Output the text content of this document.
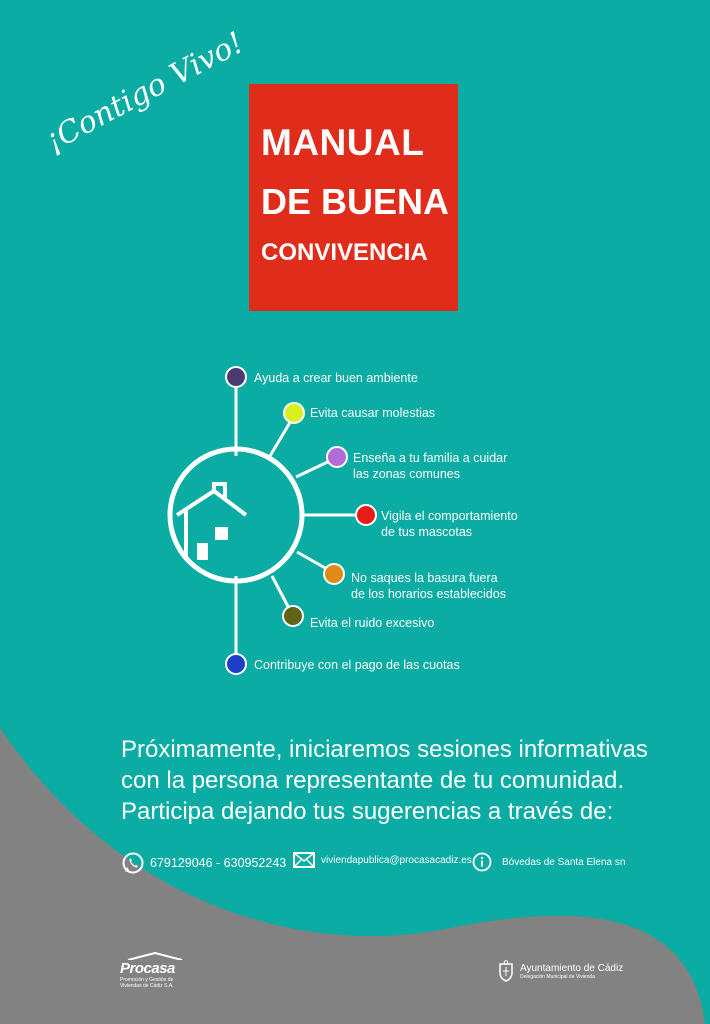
¡Contigo Vivo! MANUAL
DE BUENA
CONVIVENCIA
Ayuda a crear buen ambiente
Evita causar molestias
Enseña a tu familia a cuidar
las zonas comunes
Vigila el comportamiento
de tus mascotas
No saques la basura fuera
de los horarios establecidos
Evita el ruido excesivo
Contribuye con el pago de las cuotas
Próximamente, iniciaremos sesiones informativas
con la persona representante de tu comunidad.
Participa dejando tus sugerencias a través de:
679129046 - 630952243	viviendapublica@procasacadiz.es	Bóvedas de Santa Elena sn
Procasa
Promoción y Gestión de
Viviendas de Cádiz S.A.
Ayuntamiento de Cádiz
Delegación Municipal de Vivienda
